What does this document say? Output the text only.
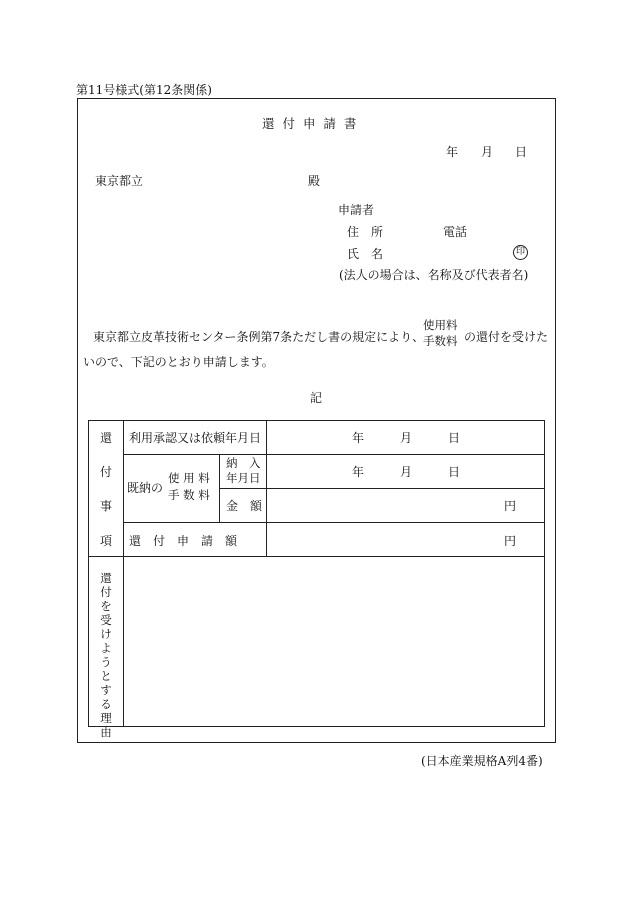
第11号様式(第12条関係)
還 付 申 請 書
年 月 日
東京都立	殿
申請者
住　所	電話
氏　名	印
(法人の場合は、名称及び代表者名)
東京都立皮革技術センター条例第7条ただし書の規定により、
使用料
手数料 の還付を受けた
いので、下記のとおり申請します。
記
還
付
事
項
利用承認又は依頼年月日	年	月	日
既納の
使 用 料
手 数 料
納　入
年月日	年	月	日
金　額	円
還　付　申　請　額	円
還付を受けようとする理由
(日本産業規格A列4番)
